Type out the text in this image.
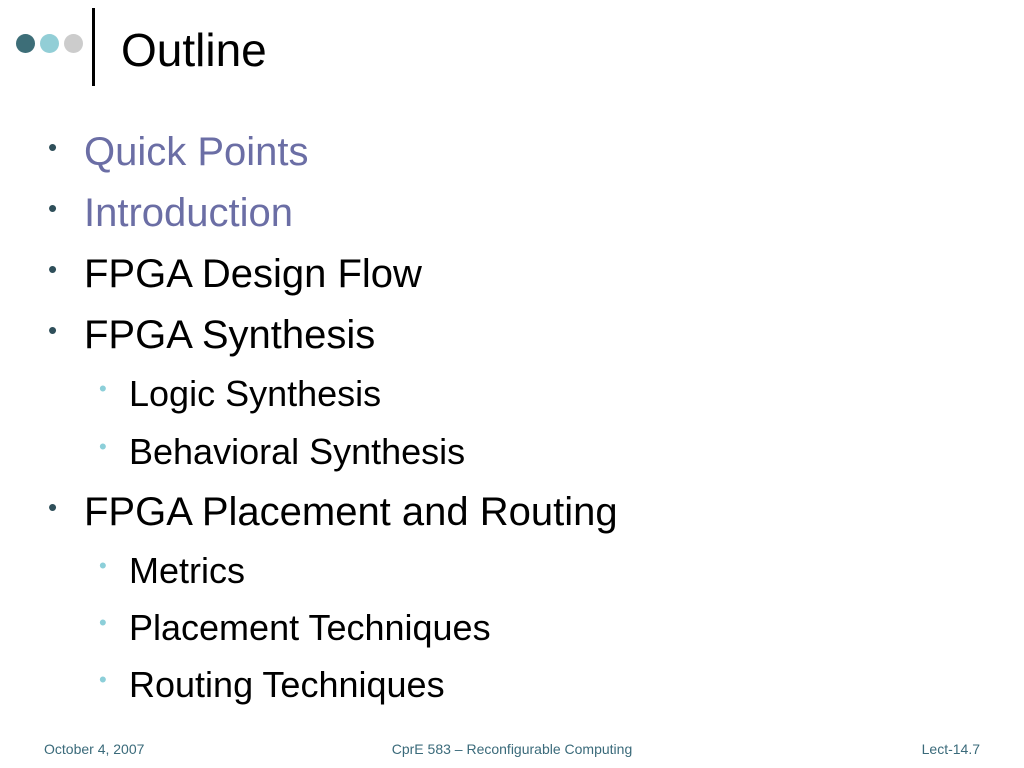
Outline
• Quick Points
• Introduction
• FPGA Design Flow
• FPGA Synthesis
• Logic Synthesis
• Behavioral Synthesis
• FPGA Placement and Routing
• Metrics
• Placement Techniques
• Routing Techniques
October 4, 2007	CprE 583 – Reconfigurable Computing	Lect-14.7
